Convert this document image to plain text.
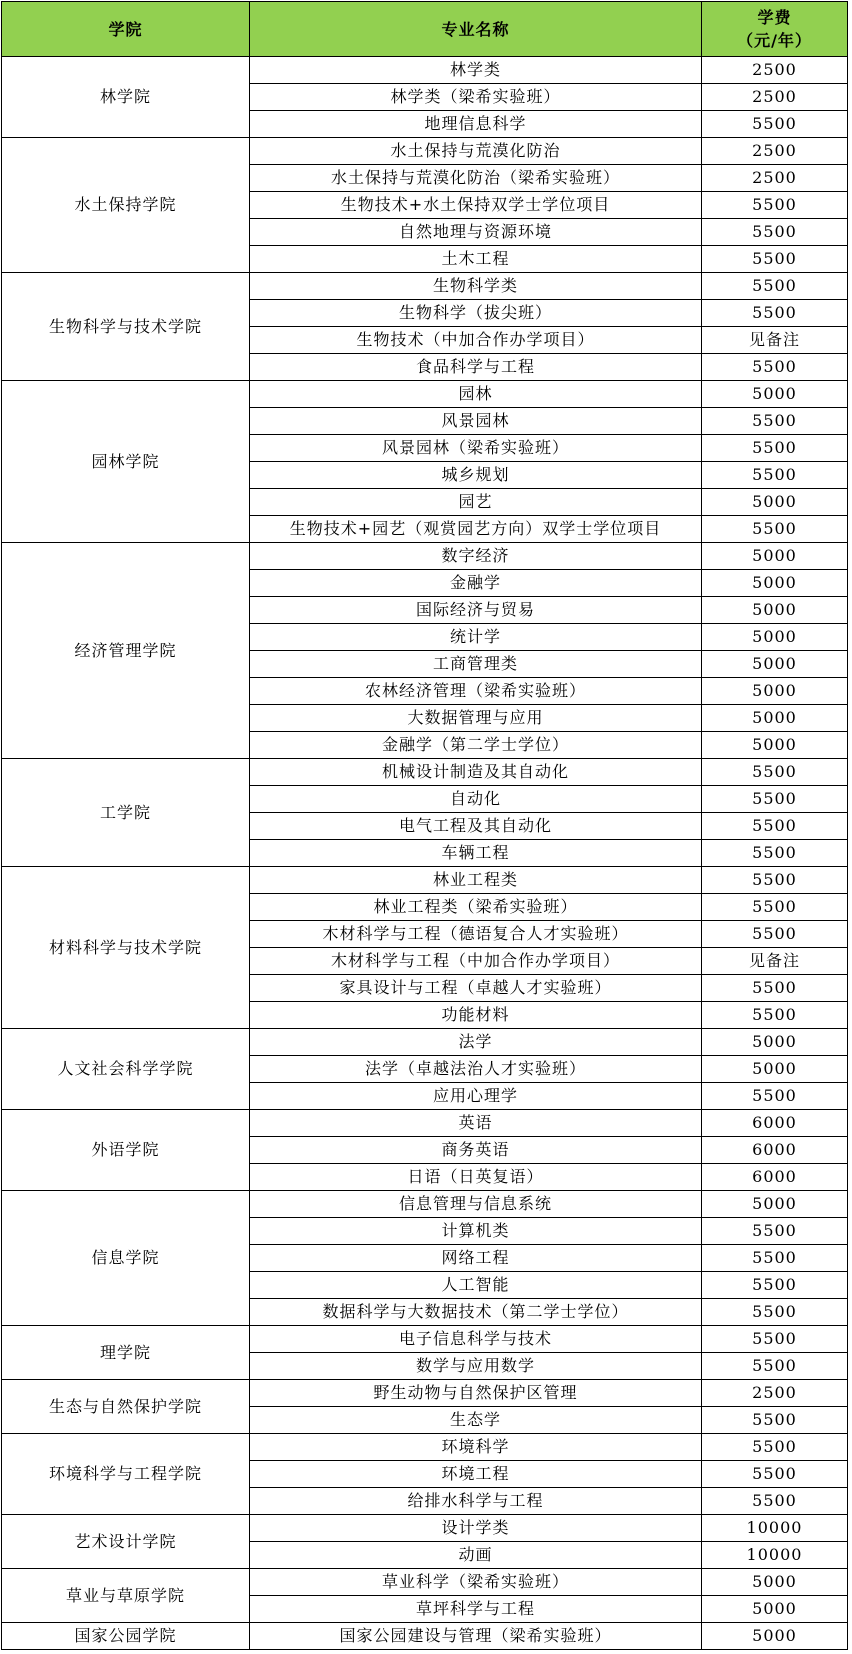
学院	专业名称	学费
（元/年）

林学院	林学类	2500
	林学类（梁希实验班）	2500
	地理信息科学	5500
水土保持学院	水土保持与荒漠化防治	2500
	水土保持与荒漠化防治（梁希实验班）	2500
	生物技术+水土保持双学士学位项目	5500
	自然地理与资源环境	5500
	土木工程	5500
生物科学与技术学院	生物科学类	5500
	生物科学（拔尖班）	5500
	生物技术（中加合作办学项目）	见备注
	食品科学与工程	5500
园林学院	园林	5000
	风景园林	5500
	风景园林（梁希实验班）	5500
	城乡规划	5500
	园艺	5000
	生物技术+园艺（观赏园艺方向）双学士学位项目	5500
经济管理学院	数字经济	5000
	金融学	5000
	国际经济与贸易	5000
	统计学	5000
	工商管理类	5000
	农林经济管理（梁希实验班）	5000
	大数据管理与应用	5000
	金融学（第二学士学位）	5000
工学院	机械设计制造及其自动化	5500
	自动化	5500
	电气工程及其自动化	5500
	车辆工程	5500
材料科学与技术学院	林业工程类	5500
	林业工程类（梁希实验班）	5500
	木材科学与工程（德语复合人才实验班）	5500
	木材科学与工程（中加合作办学项目）	见备注
	家具设计与工程（卓越人才实验班）	5500
	功能材料	5500
人文社会科学学院	法学	5000
	法学（卓越法治人才实验班）	5000
	应用心理学	5500
外语学院	英语	6000
	商务英语	6000
	日语（日英复语）	6000
信息学院	信息管理与信息系统	5000
	计算机类	5500
	网络工程	5500
	人工智能	5500
	数据科学与大数据技术（第二学士学位）	5500
理学院	电子信息科学与技术	5500
	数学与应用数学	5500
生态与自然保护学院	野生动物与自然保护区管理	2500
	生态学	5500
环境科学与工程学院	环境科学	5500
	环境工程	5500
	给排水科学与工程	5500
艺术设计学院	设计学类	10000
	动画	10000
草业与草原学院	草业科学（梁希实验班）	5000
	草坪科学与工程	5000
国家公园学院	国家公园建设与管理（梁希实验班）	5000
